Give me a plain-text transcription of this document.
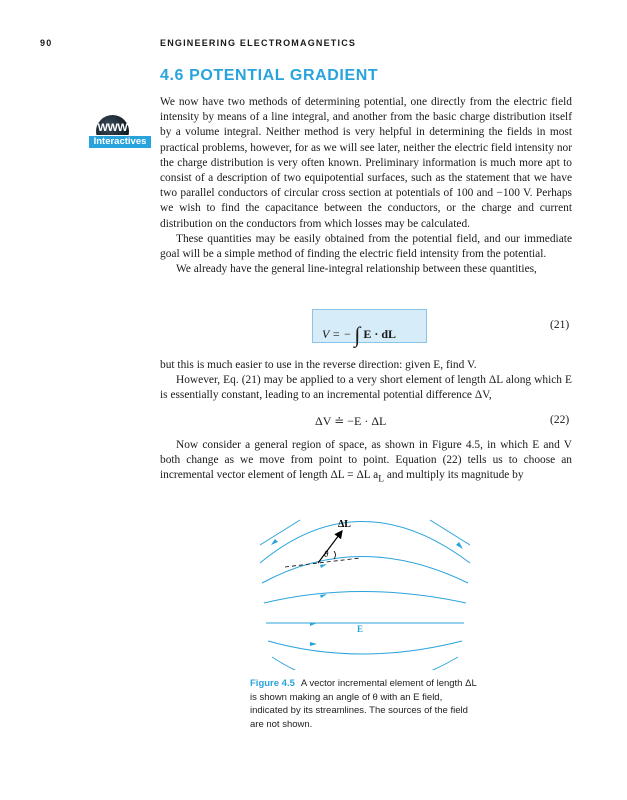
90	ENGINEERING ELECTROMAGNETICS
4.6 POTENTIAL GRADIENT
WWW
Interactives

We now have two methods of determining potential, one directly from the electric field intensity by means of a line integral, and another from the basic charge distribution itself by a volume integral. Neither method is very helpful in determining the fields in most practical problems, however, for as we will see later, neither the electric field intensity nor the charge distribution is very often known. Preliminary information is much more apt to consist of a description of two equipotential surfaces, such as the statement that we have two parallel conductors of circular cross section at potentials of 100 and −100 V. Perhaps we wish to find the capacitance between the conductors, or the charge and current distribution on the conductors from which losses may be calculated.

These quantities may be easily obtained from the potential field, and our immediate goal will be a simple method of finding the electric field intensity from the potential.

We already have the general line-integral relationship between these quantities,

V = − ∫ E · dL
(21)

but this is much easier to use in the reverse direction: given E, find V.

However, Eq. (21) may be applied to a very short element of length ΔL along which E is essentially constant, leading to an incremental potential difference ΔV,

ΔV ≐ −E · ΔL	(22)

Now consider a general region of space, as shown in Figure 4.5, in which E and V both change as we move from point to point. Equation (22) tells us to choose an incremental vector element of length ΔL = ΔL $a_L$ and multiply its magnitude by

ΔL
θ
E
Figure 4.5 A vector incremental element of length ΔL is shown making an angle of θ with an E field, indicated by its streamlines. The sources of the field are not shown.
